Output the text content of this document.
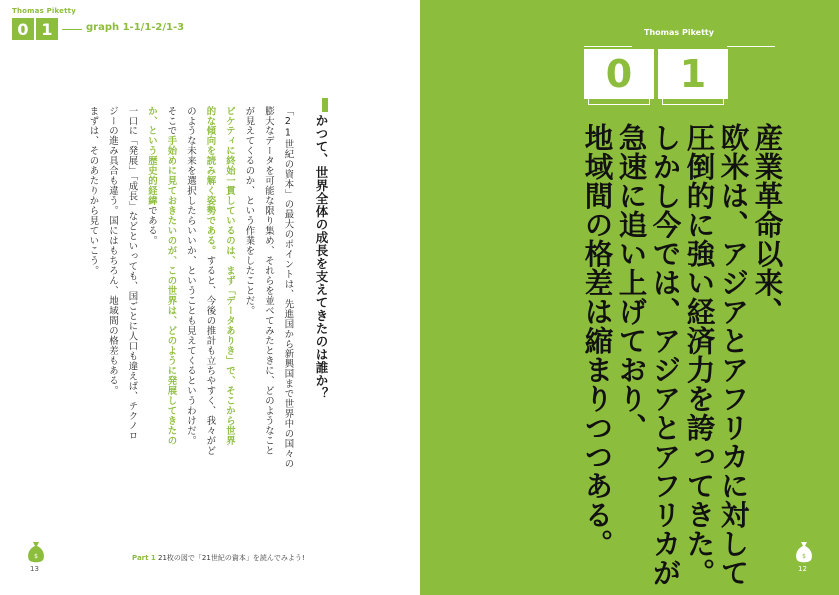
Thomas Piketty
0 1	graph 1-1/1-2/1-3
かつて、世界全体の成長を支えてきたのは誰か？
「21世紀の資本」の最大のポイントは、先進国から新興国まで世界中の国々の
膨大なデータを可能な限り集め、それらを並べてみたときに、どのようなこと
が見えてくるのか、という作業をしたことだ。
ピケティに終始一貫しているのは、まず「データありき」で、そこから世界
的な傾向を読み解く姿勢である。すると、今後の推計も立ちやすく、我々がど
のような未来を選択したらいいか、ということも見えてくるというわけだ。
そこで手始めに見ておきたいのが、この世界は、どのように発展してきたの
か、という歴史的経緯である。
一口に「発展」「成長」などといっても、国ごとに人口も違えば、テクノロ
ジーの進み具合も違う。国にはもちろん、地域間の格差もある。
まずは、そのあたりから見ていこう。
$
13
Part 1 21枚の図で「21世紀の資本」を読んでみよう!
Thomas Piketty
0	1
産業革命以来、
欧米は、アジアとアフリカに対して
圧倒的に強い経済力を誇ってきた。
しかし今では、アジアとアフリカが
急速に追い上げており、
地域間の格差は縮まりつつある。	$
12
